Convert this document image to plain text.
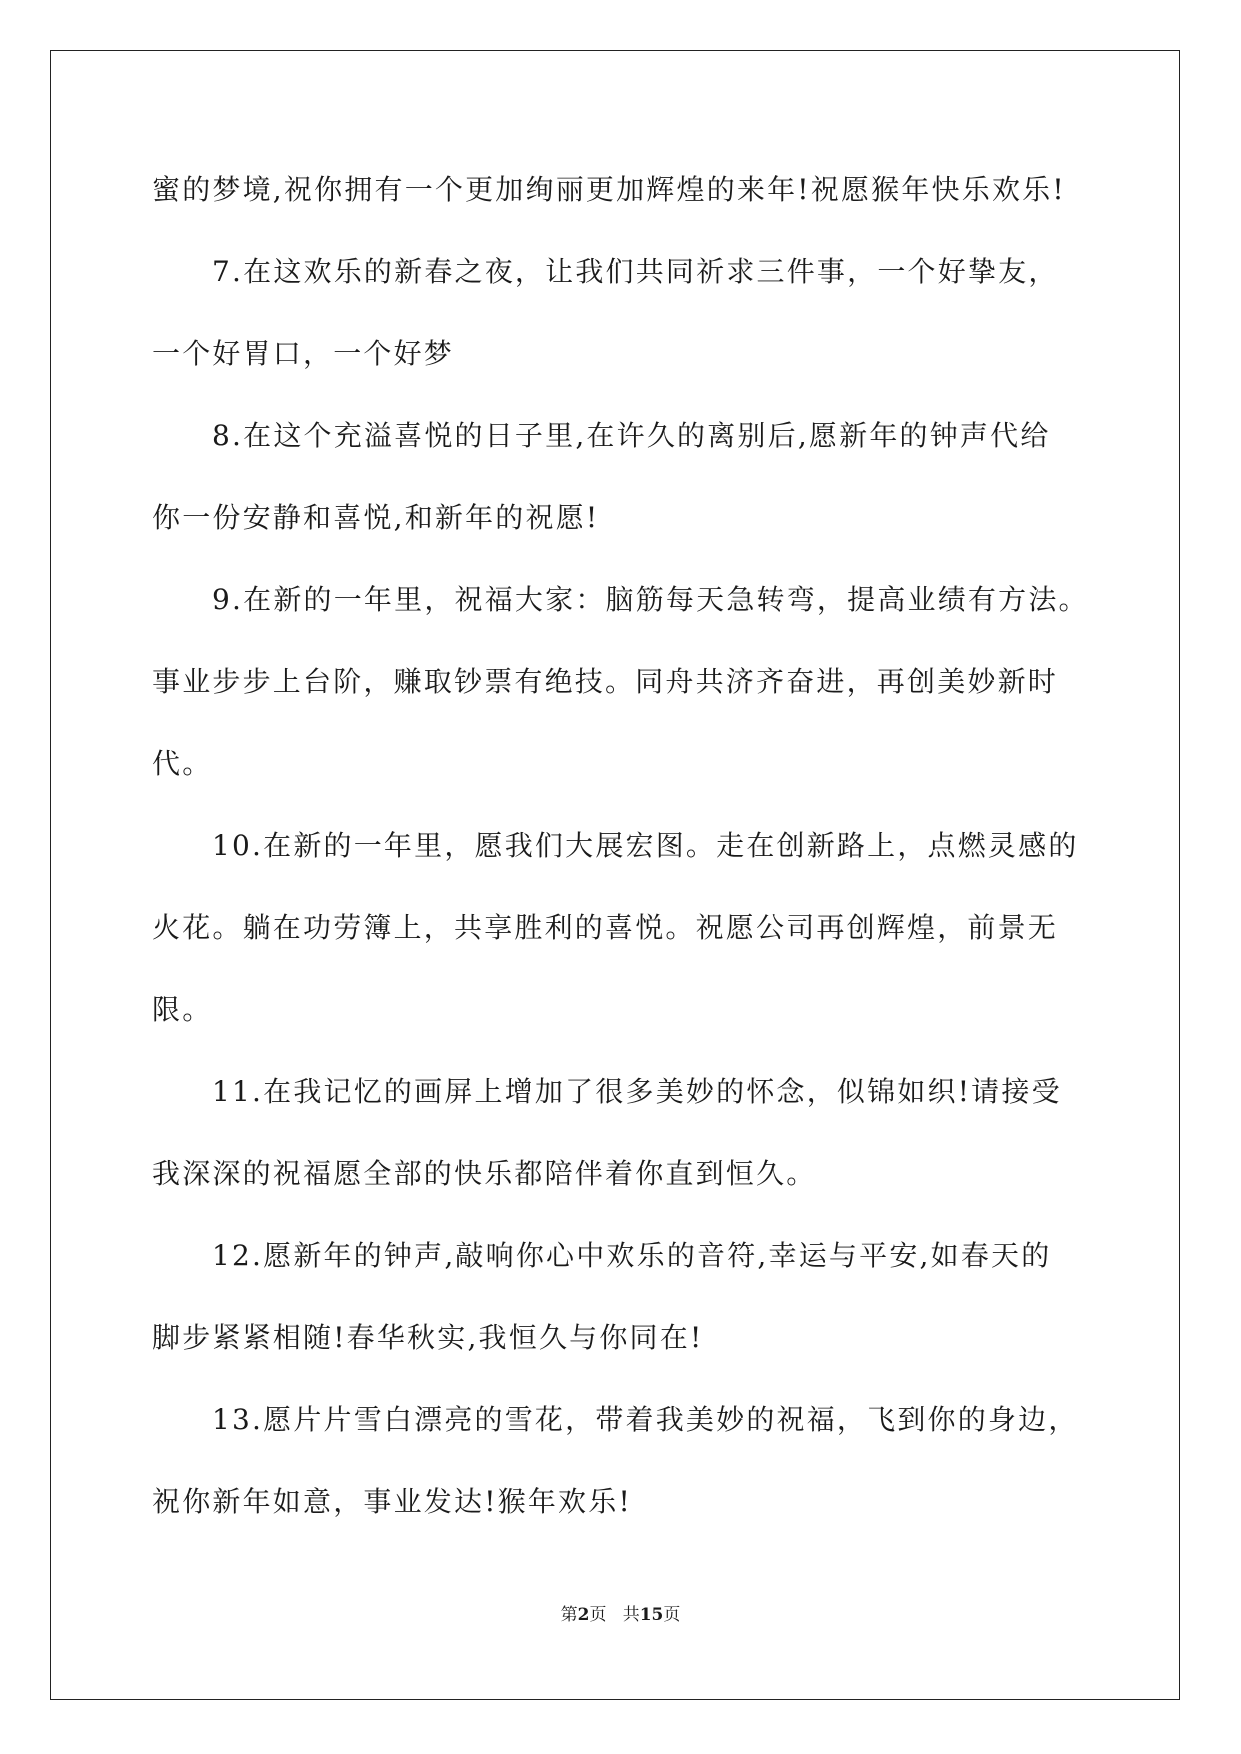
蜜的梦境,祝你拥有一个更加绚丽更加辉煌的来年!祝愿猴年快乐欢乐!

7.在这欢乐的新春之夜，让我们共同祈求三件事，一个好挚友，

一个好胃口，一个好梦

8.在这个充溢喜悦的日子里,在许久的离别后,愿新年的钟声代给

你一份安静和喜悦,和新年的祝愿!

9.在新的一年里，祝福大家：脑筋每天急转弯，提高业绩有方法。

事业步步上台阶，赚取钞票有绝技。同舟共济齐奋进，再创美妙新时

代。

10.在新的一年里，愿我们大展宏图。走在创新路上，点燃灵感的

火花。躺在功劳簿上，共享胜利的喜悦。祝愿公司再创辉煌，前景无

限。

11.在我记忆的画屏上增加了很多美妙的怀念，似锦如织!请接受

我深深的祝福愿全部的快乐都陪伴着你直到恒久。

12.愿新年的钟声,敲响你心中欢乐的音符,幸运与平安,如春天的

脚步紧紧相随!春华秋实,我恒久与你同在!

13.愿片片雪白漂亮的雪花，带着我美妙的祝福，飞到你的身边，

祝你新年如意，事业发达!猴年欢乐!

第2页 共15页
